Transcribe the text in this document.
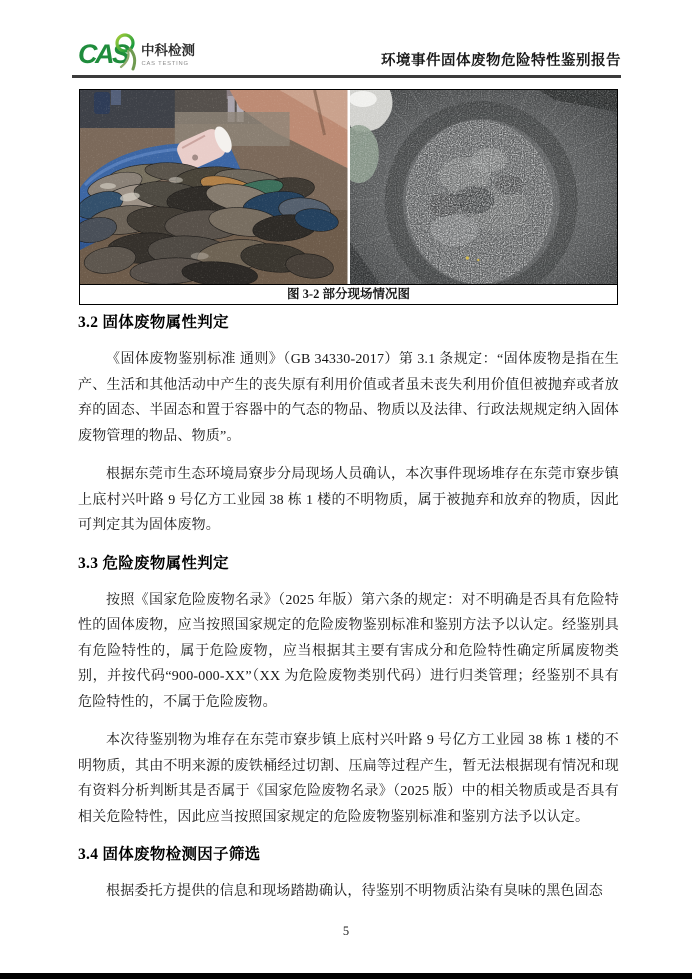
CAS 中科检测
CAS TESTING	环境事件固体废物危险特性鉴别报告
图 3-2 部分现场情况图
3.2 固体废物属性判定

《固体废物鉴别标准 通则》（GB 34330-2017）第 3.1 条规定：“固体废物是指在生产、生活和其他活动中产生的丧失原有利用价值或者虽未丧失利用价值但被抛弃或者放弃的固态、半固态和置于容器中的气态的物品、物质以及法律、行政法规规定纳入固体废物管理的物品、物质”。

根据东莞市生态环境局寮步分局现场人员确认，本次事件现场堆存在东莞市寮步镇上底村兴叶路 9 号亿方工业园 38 栋 1 楼的不明物质，属于被抛弃和放弃的物质，因此可判定其为固体废物。

3.3 危险废物属性判定

按照《国家危险废物名录》（2025 年版）第六条的规定：对不明确是否具有危险特性的固体废物，应当按照国家规定的危险废物鉴别标准和鉴别方法予以认定。经鉴别具有危险特性的，属于危险废物，应当根据其主要有害成分和危险特性确定所属废物类别，并按代码“900-000-XX”（XX 为危险废物类别代码）进行归类管理；经鉴别不具有危险特性的，不属于危险废物。

本次待鉴别物为堆存在东莞市寮步镇上底村兴叶路 9 号亿方工业园 38 栋 1 楼的不明物质，其由不明来源的废铁桶经过切割、压扁等过程产生，暂无法根据现有情况和现有资料分析判断其是否属于《国家危险废物名录》（2025 版）中的相关物质或是否具有相关危险特性，因此应当按照国家规定的危险废物鉴别标准和鉴别方法予以认定。

3.4 固体废物检测因子筛选

根据委托方提供的信息和现场踏勘确认，待鉴别不明物质沾染有臭味的黑色固态

5
